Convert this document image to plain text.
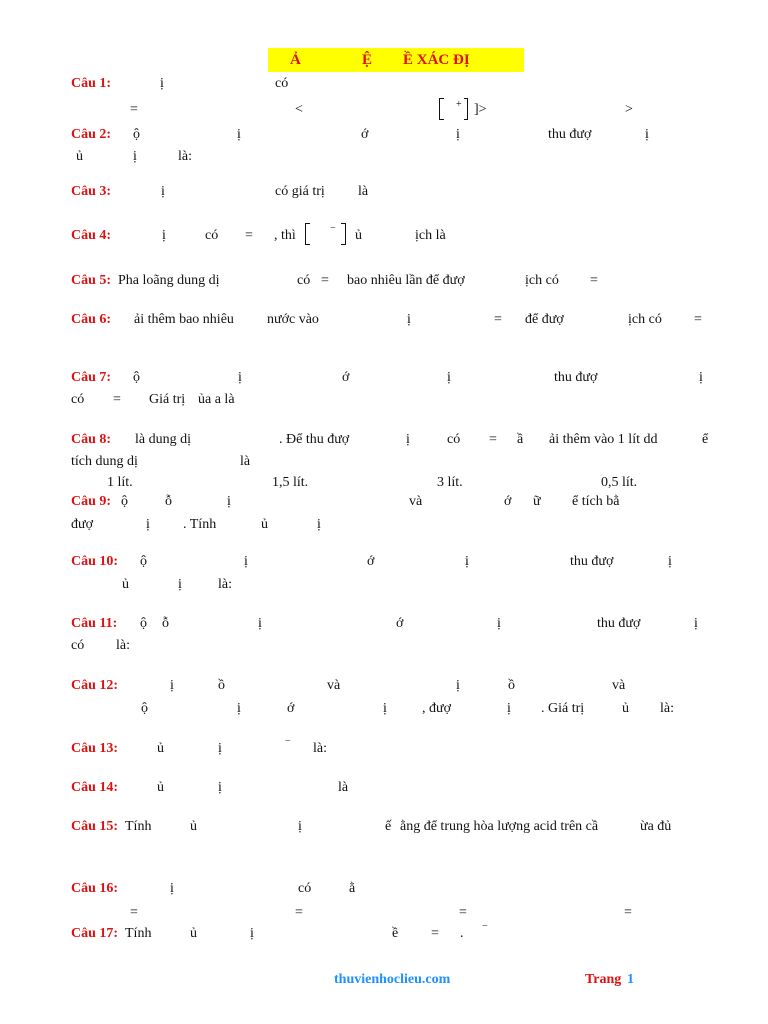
Ả	Ệ Ề XÁC ĐỊ
Câu 1:	ị	có
=	<	+ ]>	>
Câu 2: ộ	ị	ớ	ị	thu đượ	ị
ủ	ị	là:
Câu 3:	ị	có giá trị là
Câu 4:	ị	có = , thì	− ủ	ịch là
Câu 5: Pha loãng dung dị	có = bao nhiêu lần để đượ	ịch có =
Câu 6: ải thêm bao nhiêu nước vào	ị	= để đượ	ịch có =
Câu 7: ộ	ị	ớ	ị	thu đượ	ị
có = Giá trị ủa a là
Câu 8: là dung dị	. Để thu đượ	ị	có = ầ ải thêm vào 1 lít dd	ể
tích dung dị	là
1 lít.	1,5 lít.	3 lít.	0,5 lít.
Câu 9: ộ	ỗ	ị	và	ớ ữ ể tích bằ
đượ	ị . Tính	ủ	ị
Câu 10: ộ	ị	ớ	ị	thu đượ	ị
ủ	ị	là:
Câu 11: ộ ỗ	ị	ớ	ị	thu đượ	ị
có là:
Câu 12:	ị	ồ	và	ị	ồ	và
ộ	ị	ớ	ị	, đượ	ị . Giá trị	ủ là:
Câu 13:	ủ	ị	− là:
Câu 14:	ủ	ị	là
Câu 15: Tính	ủ	ị	ế ằng để trung hòa lượng acid trên cầ	ừa đủ
Câu 16:	ị	có	ằ
=	=	=	=
Câu 17: Tính	ủ	ị	ề = . −
thuvienhoclieu.com	Trang 1
